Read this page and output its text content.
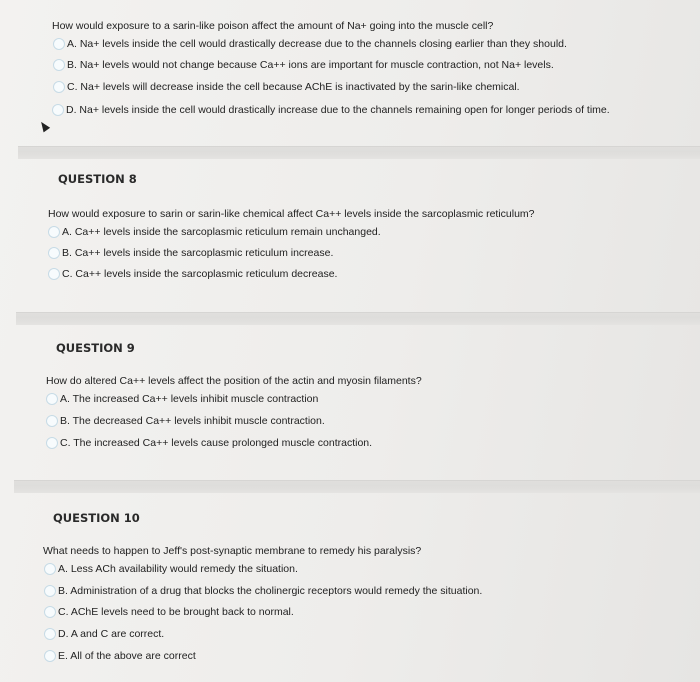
How would exposure to a sarin-like poison affect the amount of Na+ going into the muscle cell?
A. Na+ levels inside the cell would drastically decrease due to the channels closing earlier than they should.
B. Na+ levels would not change because Ca++ ions are important for muscle contraction, not Na+ levels.
C. Na+ levels will decrease inside the cell because AChE is inactivated by the sarin-like chemical.
D. Na+ levels inside the cell would drastically increase due to the channels remaining open for longer periods of time.
QUESTION 8
How would exposure to sarin or sarin-like chemical affect Ca++ levels inside the sarcoplasmic reticulum?
A. Ca++ levels inside the sarcoplasmic reticulum remain unchanged.
B. Ca++ levels inside the sarcoplasmic reticulum increase.
C. Ca++ levels inside the sarcoplasmic reticulum decrease.
QUESTION 9
How do altered Ca++ levels affect the position of the actin and myosin filaments?
A. The increased Ca++ levels inhibit muscle contraction
B. The decreased Ca++ levels inhibit muscle contraction.
C. The increased Ca++ levels cause prolonged muscle contraction.
QUESTION 10
What needs to happen to Jeff's post-synaptic membrane to remedy his paralysis?
A. Less ACh availability would remedy the situation.
B. Administration of a drug that blocks the cholinergic receptors would remedy the situation.
C. AChE levels need to be brought back to normal.
D. A and C are correct.
E. All of the above are correct
